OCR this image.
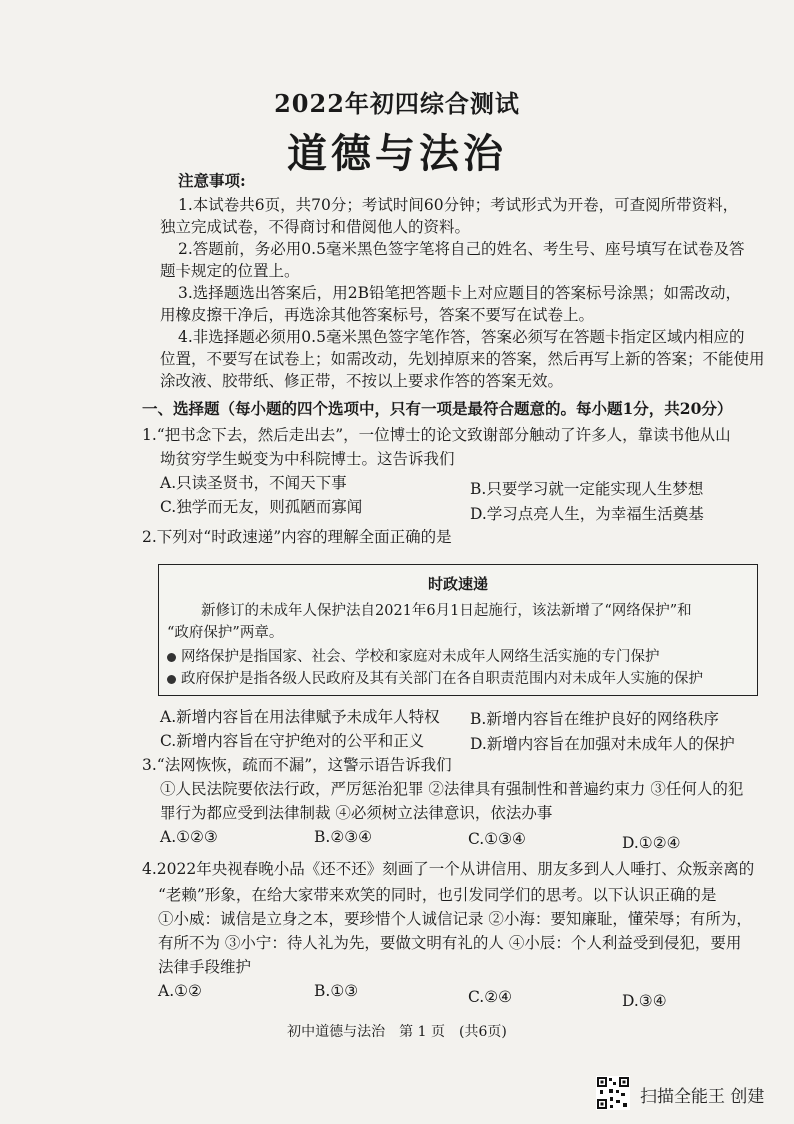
2022年初四综合测试
道德与法治
注意事项:
1.本试卷共6页，共70分；考试时间60分钟；考试形式为开卷，可查阅所带资料，
独立完成试卷，不得商讨和借阅他人的资料。
2.答题前，务必用0.5毫米黑色签字笔将自己的姓名、考生号、座号填写在试卷及答
题卡规定的位置上。
3.选择题选出答案后，用2B铅笔把答题卡上对应题目的答案标号涂黑；如需改动，
用橡皮擦干净后，再选涂其他答案标号，答案不要写在试卷上。
4.非选择题必须用0.5毫米黑色签字笔作答，答案必须写在答题卡指定区域内相应的
位置，不要写在试卷上；如需改动，先划掉原来的答案，然后再写上新的答案；不能使用
涂改液、胶带纸、修正带，不按以上要求作答的答案无效。
一、选择题（每小题的四个选项中，只有一项是最符合题意的。每小题1分，共20分）
1.“把书念下去，然后走出去”，一位博士的论文致谢部分触动了许多人，靠读书他从山
坳贫穷学生蜕变为中科院博士。这告诉我们
A.只读圣贤书，不闻天下事	B.只要学习就一定能实现人生梦想
C.独学而无友，则孤陋而寡闻	D.学习点亮人生，为幸福生活奠基
2.下列对“时政速递”内容的理解全面正确的是
时政速递
新修订的未成年人保护法自2021年6月1日起施行，该法新增了“网络保护”和
“政府保护”两章。
网络保护是指国家、社会、学校和家庭对未成年人网络生活实施的专门保护
政府保护是指各级人民政府及其有关部门在各自职责范围内对未成年人实施的保护
A.新增内容旨在用法律赋予未成年人特权 B.新增内容旨在维护良好的网络秩序
C.新增内容旨在守护绝对的公平和正义	D.新增内容旨在加强对未成年人的保护
3.“法网恢恢，疏而不漏”，这警示语告诉我们
①人民法院要依法行政，严厉惩治犯罪 ②法律具有强制性和普遍约束力 ③任何人的犯
罪行为都应受到法律制裁 ④必须树立法律意识，依法办事
A.①②③	B.②③④	C.①③④	D.①②④
4.2022年央视春晚小品《还不还》刻画了一个从讲信用、朋友多到人人唾打、众叛亲离的
“老赖”形象，在给大家带来欢笑的同时，也引发同学们的思考。以下认识正确的是
①小威：诚信是立身之本，要珍惜个人诚信记录 ②小海：要知廉耻，懂荣辱；有所为，
有所不为 ③小宁：待人礼为先，要做文明有礼的人 ④小辰：个人利益受到侵犯，要用
法律手段维护
A.①②	B.①③	C.②④	D.③④
初中道德与法治　第 1 页　(共6页)
扫描全能王 创建
